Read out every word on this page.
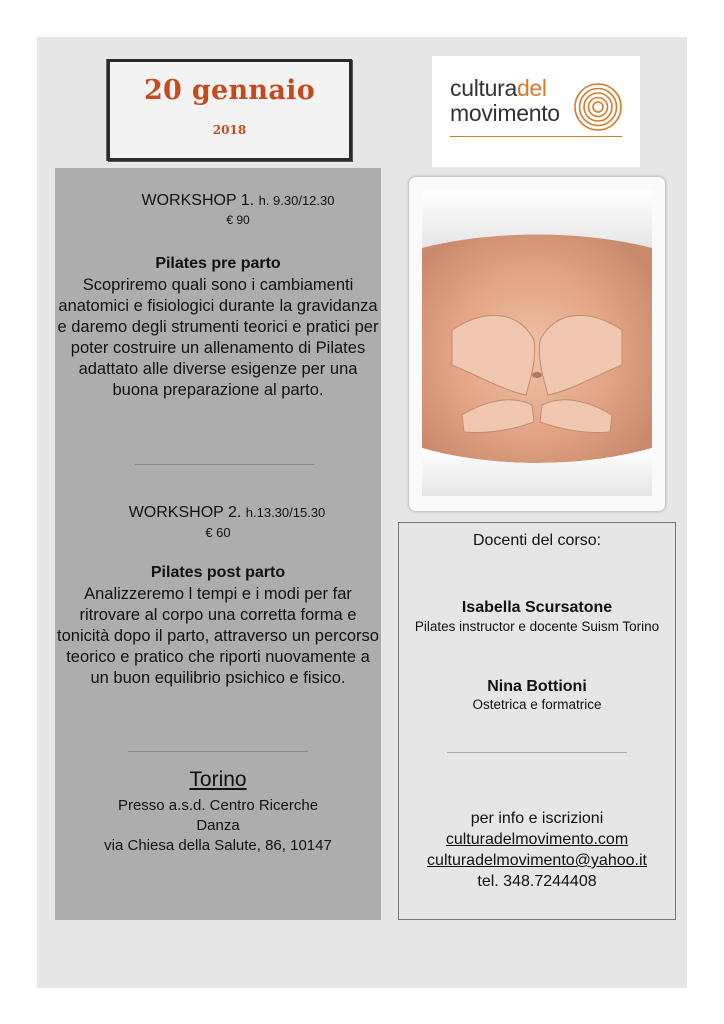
20 gennaio
2018
culturadel
movimento
WORKSHOP 1. h. 9.30/12.30
€ 90
Pilates pre parto
Scopriremo quali sono i cambiamenti anatomici e fisiologici durante la gravidanza e daremo degli strumenti teorici e pratici per poter costruire un allenamento di Pilates adattato alle diverse esigenze per una buona preparazione al parto.
WORKSHOP 2. h.13.30/15.30
€ 60
Pilates post parto
Analizzeremo l tempi e i modi per far ritrovare al corpo una corretta forma e tonicità dopo il parto, attraverso un percorso teorico e pratico che riporti nuovamente a un buon equilibrio psichico e fisico.
Torino
Presso a.s.d. Centro Ricerche
Danza
via Chiesa della Salute, 86, 10147
Docenti del corso:
Isabella Scursatone
Pilates instructor e docente Suism Torino
Nina Bottioni
Ostetrica e formatrice
per info e iscrizioni
culturadelmovimento.com
culturadelmovimento@yahoo.it
tel. 348.7244408
